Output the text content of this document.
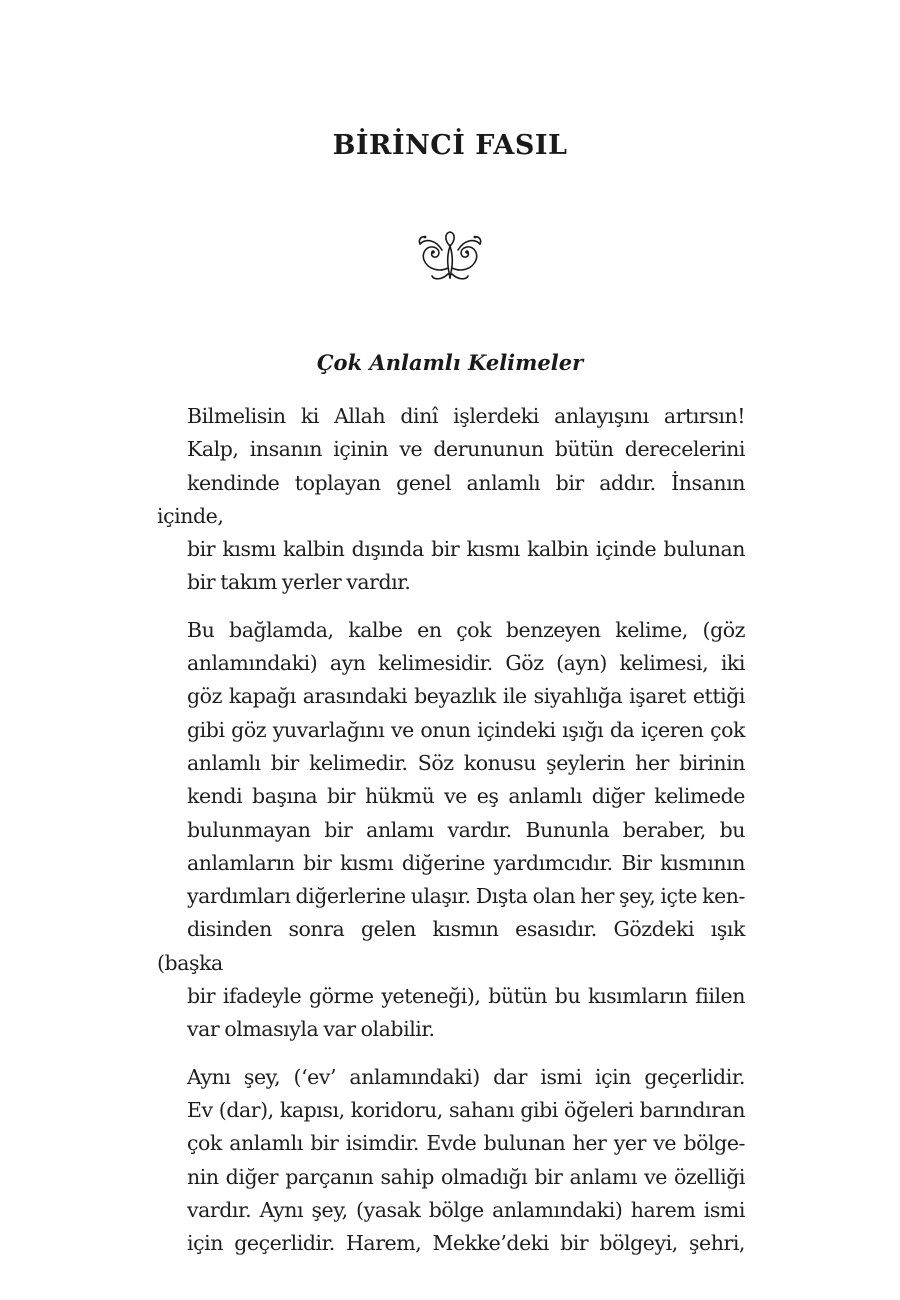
BİRİNCİ FASIL
Çok Anlamlı Kelimeler
Bilmelisin ki Allah dinî işlerdeki anlayışını artırsın!
Kalp, insanın içinin ve derununun bütün derecelerini
kendinde toplayan genel anlamlı bir addır. İnsanın içinde,
bir kısmı kalbin dışında bir kısmı kalbin içinde bulunan
bir takım yerler vardır.
Bu bağlamda, kalbe en çok benzeyen kelime, (göz
anlamındaki) ayn kelimesidir. Göz (ayn) kelimesi, iki
göz kapağı arasındaki beyazlık ile siyahlığa işaret ettiği
gibi göz yuvarlağını ve onun içindeki ışığı da içeren çok
anlamlı bir kelimedir. Söz konusu şeylerin her birinin
kendi başına bir hükmü ve eş anlamlı diğer kelimede
bulunmayan bir anlamı vardır. Bununla beraber, bu
anlamların bir kısmı diğerine yardımcıdır. Bir kısmının
yardımları diğerlerine ulaşır. Dışta olan her şey, içte ken-
disinden sonra gelen kısmın esasıdır. Gözdeki ışık (başka
bir ifadeyle görme yeteneği), bütün bu kısımların fiilen
var olmasıyla var olabilir.
Aynı şey, (‘ev’ anlamındaki) dar ismi için geçerlidir.
Ev (dar), kapısı, koridoru, sahanı gibi öğeleri barındıran
çok anlamlı bir isimdir. Evde bulunan her yer ve bölge-
nin diğer parçanın sahip olmadığı bir anlamı ve özelliği
vardır. Aynı şey, (yasak bölge anlamındaki) harem ismi
için geçerlidir. Harem, Mekke’deki bir bölgeyi, şehri,
